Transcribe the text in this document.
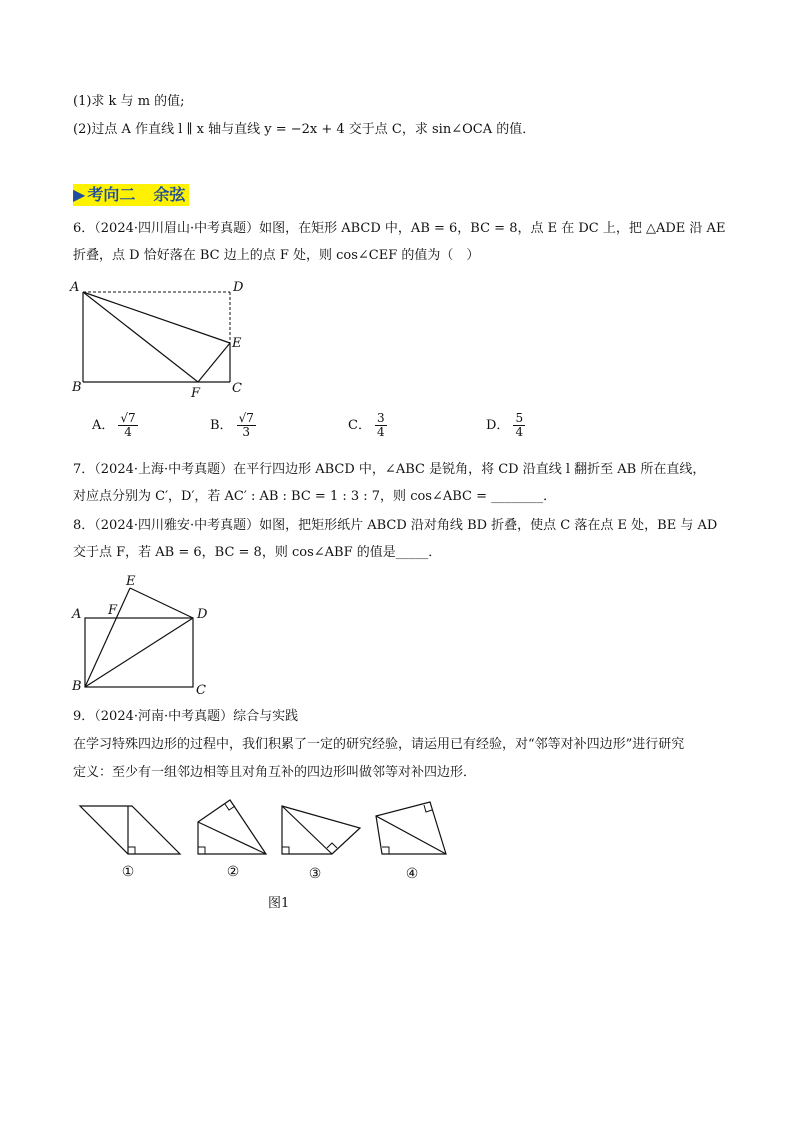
(1)求 k 与 m 的值;
(2)过点 A 作直线 l ∥ x 轴与直线 y = −2x + 4 交于点 C，求 sin∠OCA 的值．
▶ 考向二 余弦
6．（2024·四川眉山·中考真题）如图，在矩形 ABCD 中，AB = 6，BC = 8，点 E 在 DC 上，把 △ADE 沿 AE
折叠，点 D 恰好落在 BC 边上的点 F 处，则 cos∠CEF 的值为（　）
A	D
E
B	F C
A． $\frac{√7}{4}$	B． $\frac{√7}{3}$	C． $\frac{3}{4}$	D． $\frac{5}{4}$
7．（2024·上海·中考真题）在平行四边形 ABCD 中，∠ABC 是锐角，将 CD 沿直线 l 翻折至 AB 所在直线，
对应点分别为 C′，D′，若 AC′ : AB : BC = 1 : 3 : 7，则 cos∠ABC = ________．
8．（2024·四川雅安·中考真题）如图，把矩形纸片 ABCD 沿对角线 BD 折叠，使点 C 落在点 E 处，BE 与 AD
交于点 F，若 AB = 6，BC = 8，则 cos∠ABF 的值是_____．
E
F
A	D
B	C
9．（2024·河南·中考真题）综合与实践
在学习特殊四边形的过程中，我们积累了一定的研究经验，请运用已有经验，对“邻等对补四边形”进行研究
定义：至少有一组邻边相等且对角互补的四边形叫做邻等对补四边形．
①	②	③	④
图1
